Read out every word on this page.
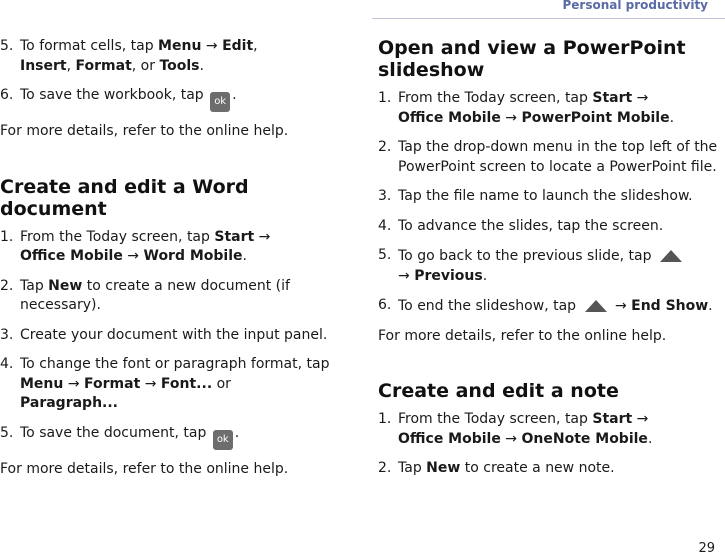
Personal productivity
5. To format cells, tap Menu → Edit,
Insert, Format, or Tools.
6. To save the workbook, tap ok .

For more details, refer to the online help.

Create and edit a Word document
1. From the Today screen, tap Start →
Office Mobile → Word Mobile.
2. Tap New to create a new document (if necessary).
3. Create your document with the input panel.
4. To change the font or paragraph format, tap Menu → Format → Font... or
Paragraph...
5. To save the document, tap ok .

For more details, refer to the online help.

Open and view a PowerPoint slideshow
1. From the Today screen, tap Start →
Office Mobile → PowerPoint Mobile.
2. Tap the drop-down menu in the top left of the PowerPoint screen to locate a PowerPoint file.
3. Tap the file name to launch the slideshow.
4. To advance the slides, tap the screen.
5. To go back to the previous slide, tap
→ Previous.
6. To end the slideshow, tap  → End Show.

For more details, refer to the online help.

Create and edit a note
1. From the Today screen, tap Start →
Office Mobile → OneNote Mobile.
2. Tap New to create a new note.
29
